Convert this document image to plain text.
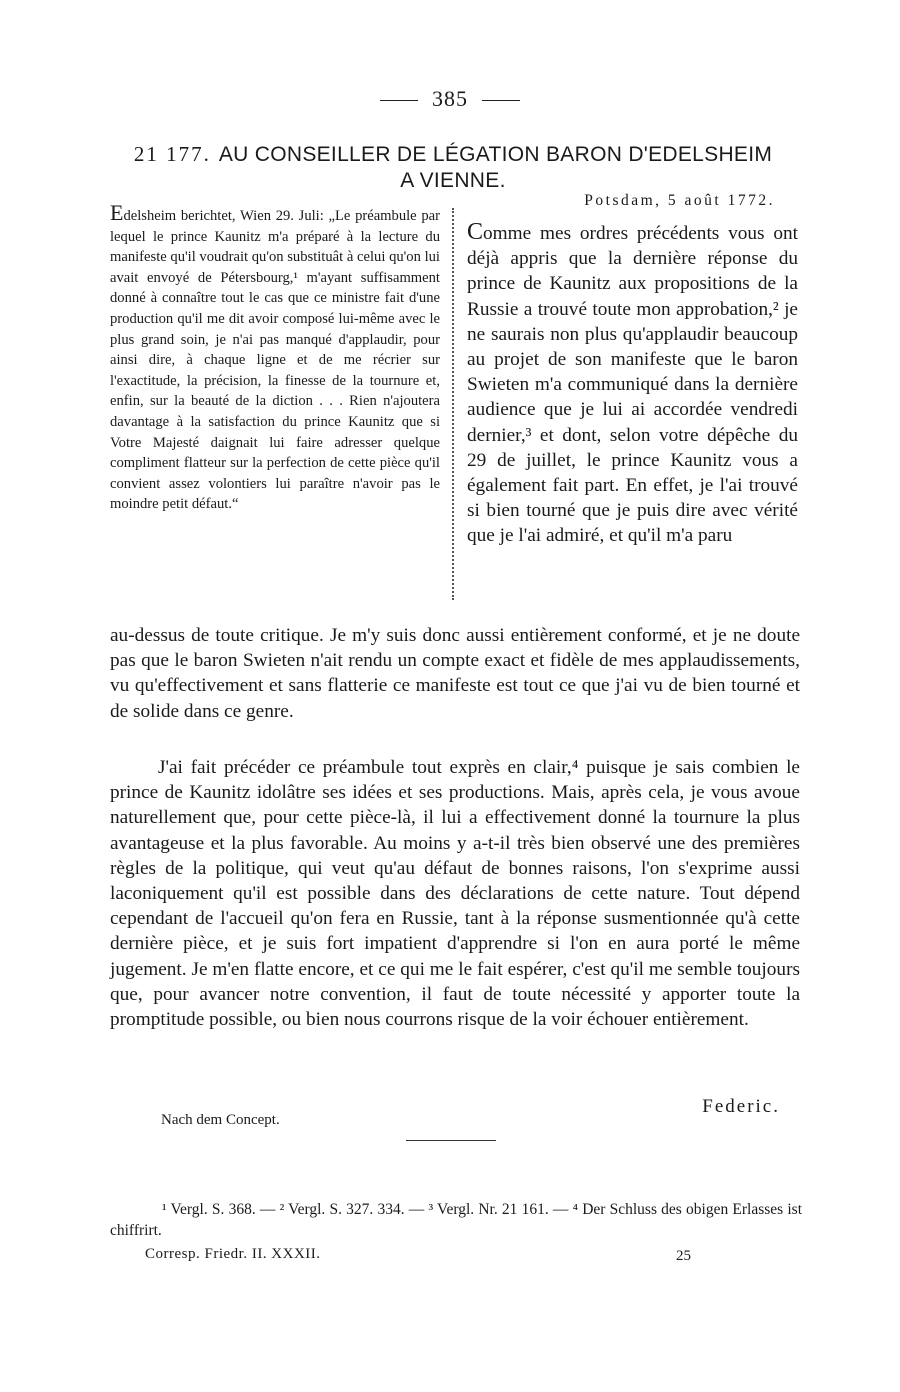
385
21 177. AU CONSEILLER DE LÉGATION BARON D'EDELSHEIM
A VIENNE.
Edelsheim berichtet, Wien 29. Juli: „Le préambule par lequel le prince Kaunitz m'a préparé à la lecture du manifeste qu'il voudrait qu'on substituât à celui qu'on lui avait envoyé de Pétersbourg,¹ m'ayant suffisamment donné à connaître tout le cas que ce ministre fait d'une production qu'il me dit avoir composé lui-même avec le plus grand soin, je n'ai pas manqué d'applaudir, pour ainsi dire, à chaque ligne et de me récrier sur l'exactitude, la précision, la finesse de la tournure et, enfin, sur la beauté de la diction . . . Rien n'ajoutera davantage à la satisfaction du prince Kaunitz que si Votre Majesté daignait lui faire adresser quelque compliment flatteur sur la perfection de cette pièce qu'il convient assez volontiers lui paraître n'avoir pas le moindre petit défaut.“
Potsdam, 5 août 1772.
Comme mes ordres précédents vous ont déjà appris que la dernière réponse du prince de Kaunitz aux propositions de la Russie a trouvé toute mon approbation,² je ne saurais non plus qu'applaudir beaucoup au projet de son manifeste que le baron Swieten m'a communiqué dans la dernière audience que je lui ai accordée vendredi dernier,³ et dont, selon votre dépêche du 29 de juillet, le prince Kaunitz vous a également fait part. En effet, je l'ai trouvé si bien tourné que je puis dire avec vérité que je l'ai admiré, et qu'il m'a paru
au-dessus de toute critique. Je m'y suis donc aussi entièrement conformé, et je ne doute pas que le baron Swieten n'ait rendu un compte exact et fidèle de mes applaudissements, vu qu'effectivement et sans flatterie ce manifeste est tout ce que j'ai vu de bien tourné et de solide dans ce genre.
J'ai fait précéder ce préambule tout exprès en clair,⁴ puisque je sais combien le prince de Kaunitz idolâtre ses idées et ses productions. Mais, après cela, je vous avoue naturellement que, pour cette pièce-là, il lui a effectivement donné la tournure la plus avantageuse et la plus favorable. Au moins y a-t-il très bien observé une des premières règles de la politique, qui veut qu'au défaut de bonnes raisons, l'on s'exprime aussi laconiquement qu'il est possible dans des déclarations de cette nature. Tout dépend cependant de l'accueil qu'on fera en Russie, tant à la réponse susmentionnée qu'à cette dernière pièce, et je suis fort impatient d'apprendre si l'on en aura porté le même jugement. Je m'en flatte encore, et ce qui me le fait espérer, c'est qu'il me semble toujours que, pour avancer notre convention, il faut de toute nécessité y apporter toute la promptitude possible, ou bien nous courrons risque de la voir échouer entièrement.
Federic.
Nach dem Concept.
¹ Vergl. S. 368. — ² Vergl. S. 327. 334. — ³ Vergl. Nr. 21 161. — ⁴ Der Schluss des obigen Erlasses ist chiffrirt.
Corresp. Friedr. II. XXXII.	25
